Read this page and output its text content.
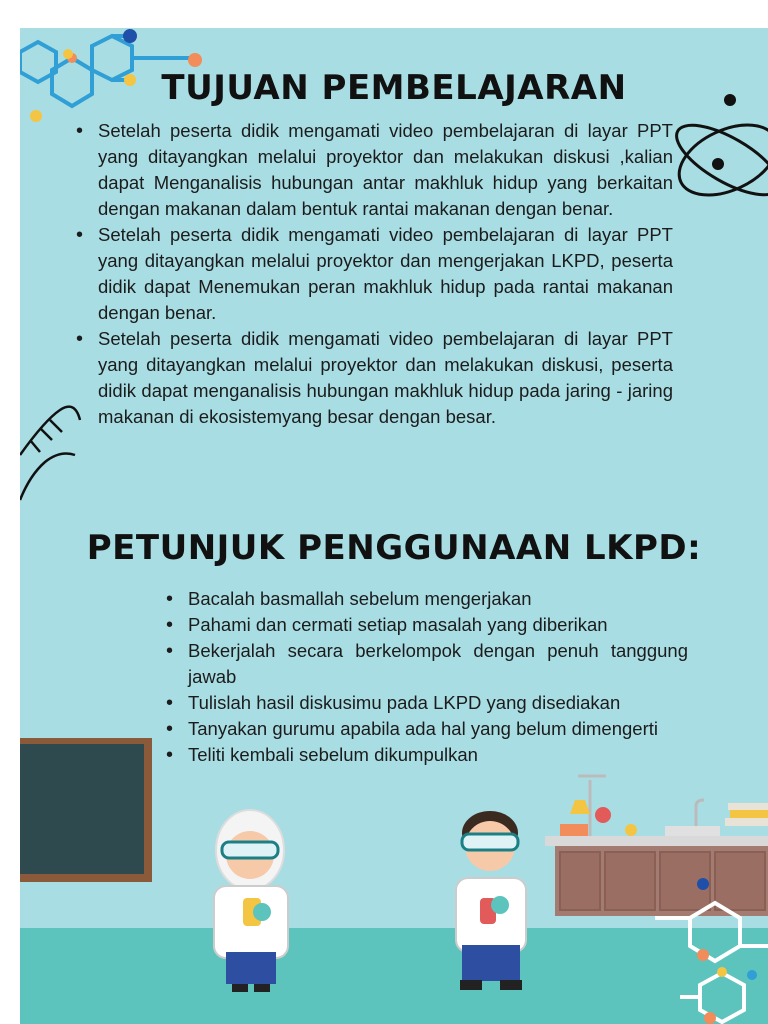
TUJUAN PEMBELAJARAN
• Setelah peserta didik mengamati video pembelajaran di layar PPT yang ditayangkan melalui proyektor dan melakukan diskusi ,kalian dapat Menganalisis hubungan antar makhluk hidup yang berkaitan dengan makanan dalam bentuk rantai makanan dengan benar.
• Setelah peserta didik mengamati video pembelajaran di layar PPT yang ditayangkan melalui proyektor dan mengerjakan LKPD, peserta didik dapat Menemukan peran makhluk hidup pada rantai makanan dengan benar.
• Setelah peserta didik mengamati video pembelajaran di layar PPT yang ditayangkan melalui proyektor dan melakukan diskusi, peserta didik dapat menganalisis hubungan makhluk hidup pada jaring - jaring makanan di ekosistemyang besar dengan besar.
PETUNJUK PENGGUNAAN LKPD:
• Bacalah basmallah sebelum mengerjakan
• Pahami dan cermati setiap masalah yang diberikan
• Bekerjalah secara berkelompok dengan penuh tanggung jawab
• Tulislah hasil diskusimu pada LKPD yang disediakan
• Tanyakan gurumu apabila ada hal yang belum dimengerti
• Teliti kembali sebelum dikumpulkan
